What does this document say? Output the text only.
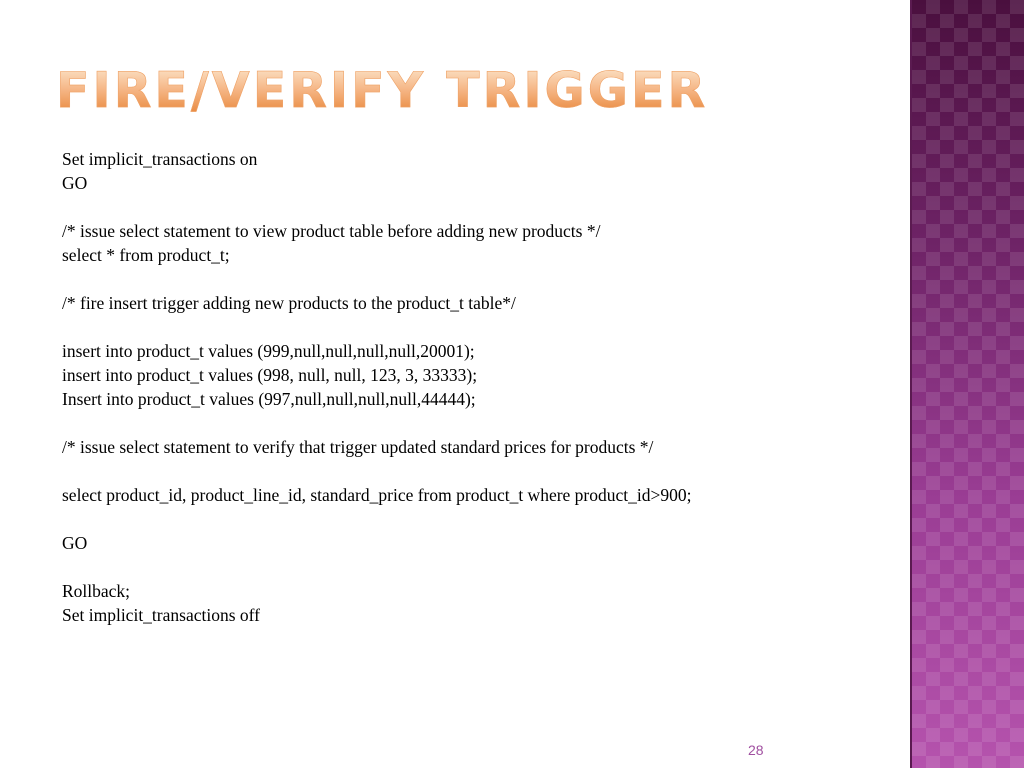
FIRE/VERIFY TRIGGER
Set implicit_transactions on
GO
/* issue select statement to view product table before adding new products */
select * from product_t;
/* fire insert trigger adding new products to the product_t table*/
insert into product_t values (999,null,null,null,null,20001);
insert into product_t values (998, null, null, 123, 3, 33333);
Insert into product_t values (997,null,null,null,null,44444);
/* issue select statement to verify that trigger updated standard prices for products */
select product_id, product_line_id, standard_price from product_t where product_id>900;
GO
Rollback;
Set implicit_transactions off
28
